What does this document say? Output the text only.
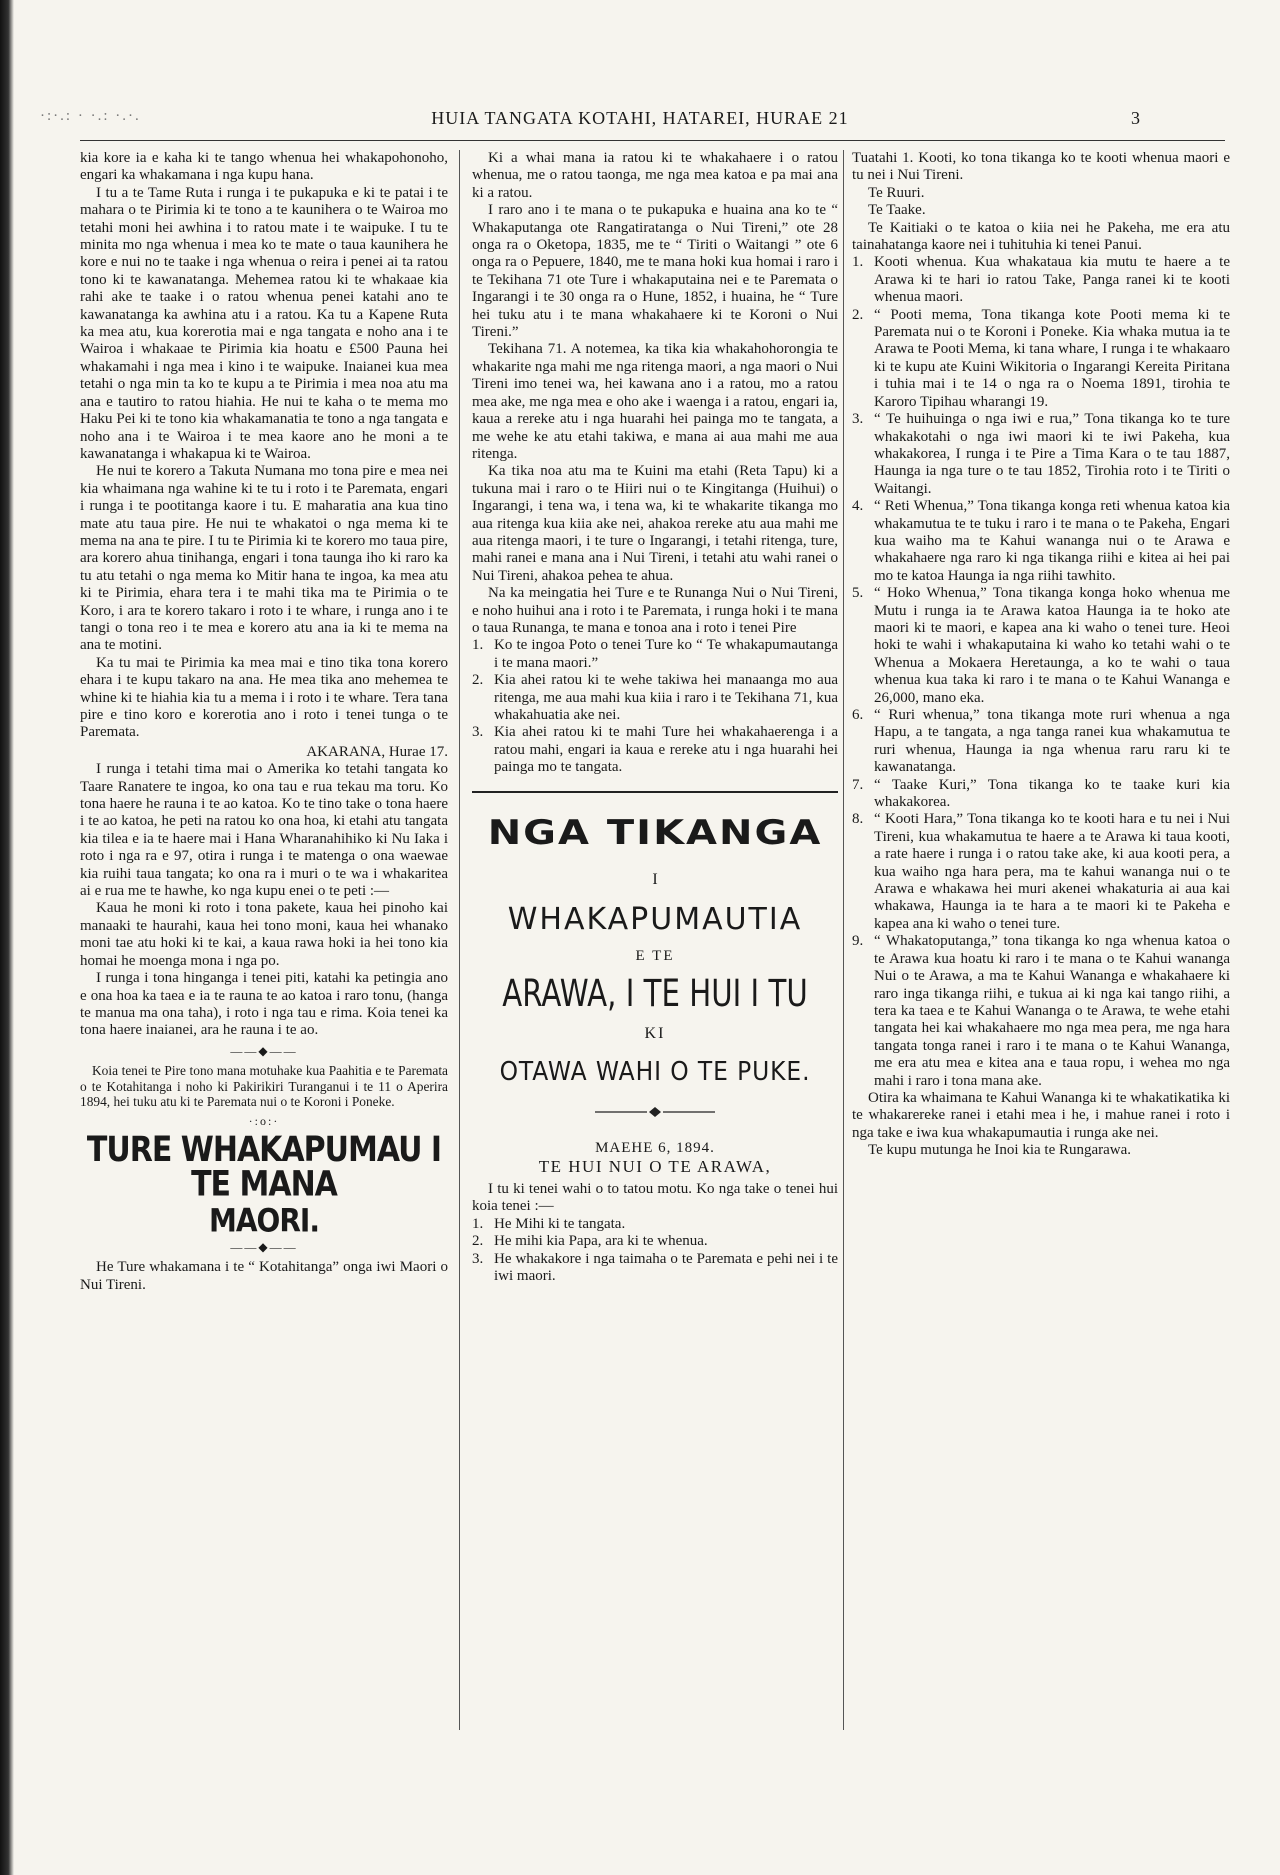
·:·.: · ·.: ·.·.	HUIA TANGATA KOTAHI, HATAREI, HURAE 21	3

kia kore ia e kaha ki te tango whenua hei whakapohonoho, engari ka whakamana i nga kupu hana.

I tu a te Tame Ruta i runga i te pukapuka e ki te patai i te mahara o te Pirimia ki te tono a te kaunihera o te Wairoa mo tetahi moni hei awhina i to ratou mate i te waipuke. I tu te minita mo nga whenua i mea ko te mate o taua kaunihera he kore e nui no te taake i nga whenua o reira i penei ai ta ratou tono ki te kawanatanga. Mehemea ratou ki te whakaae kia rahi ake te taake i o ratou whenua penei katahi ano te kawanatanga ka awhina atu i a ratou. Ka tu a Kapene Ruta ka mea atu, kua korerotia mai e nga tangata e noho ana i te Wairoa i whakaae te Pirimia kia hoatu e £500 Pauna hei whakamahi i nga mea i kino i te waipuke. Inaianei kua mea tetahi o nga min ta ko te kupu a te Pirimia i mea noa atu ma ana e tautiro to ratou hiahia. He nui te kaha o te mema mo Haku Pei ki te tono kia whakamanatia te tono a nga tangata e noho ana i te Wairoa i te mea kaore ano he moni a te kawanatanga i whakapua ki te Wairoa.

He nui te korero a Takuta Numana mo tona pire e mea nei kia whaimana nga wahine ki te tu i roto i te Paremata, engari i runga i te pootitanga kaore i tu. E maharatia ana kua tino mate atu taua pire. He nui te whakatoi o nga mema ki te mema na ana te pire. I tu te Pirimia ki te korero mo taua pire, ara korero ahua tinihanga, engari i tona taunga iho ki raro ka tu atu tetahi o nga mema ko Mitir hana te ingoa, ka mea atu ki te Pirimia, ehara tera i te mahi tika ma te Pirimia o te Koro, i ara te korero takaro i roto i te whare, i runga ano i te tangi o tona reo i te mea e korero atu ana ia ki te mema na ana te motini.

Ka tu mai te Pirimia ka mea mai e tino tika tona korero ehara i te kupu takaro na ana. He mea tika ano mehemea te whine ki te hiahia kia tu a mema i i roto i te whare. Tera tana pire e tino koro e korerotia ano i roto i tenei tunga o te Paremata.

AKARANA, Hurae 17.

I runga i tetahi tima mai o Amerika ko tetahi tangata ko Taare Ranatere te ingoa, ko ona tau e rua tekau ma toru. Ko tona haere he rauna i te ao katoa. Ko te tino take o tona haere i te ao katoa, he peti na ratou ko ona hoa, ki etahi atu tangata kia tilea e ia te haere mai i Hana Wharanahihiko ki Nu Iaka i roto i nga ra e 97, otira i runga i te matenga o ona waewae kia ruihi taua tangata; ko ona ra i muri o te wa i whakaritea ai e rua me te hawhe, ko nga kupu enei o te peti :—

Kaua he moni ki roto i tona pakete, kaua hei pinoho kai manaaki te haurahi, kaua hei tono moni, kaua hei whanako moni tae atu hoki ki te kai, a kaua rawa hoki ia hei tono kia homai he moenga mona i nga po.

I runga i tona hinganga i tenei piti, katahi ka petingia ano e ona hoa ka taea e ia te rauna te ao katoa i raro tonu, (hanga te manua ma ona taha), i roto i nga tau e rima. Koia tenei ka tona haere inaianei, ara he rauna i te ao.

——◆——

Koia tenei te Pire tono mana motuhake kua Paahitia e te Paremata o te Kotahitanga i noho ki Pakirikiri Turanganui i te 11 o Aperira 1894, hei tuku atu ki te Paremata nui o te Koroni i Poneke.

·:o:·
TURE WHAKAPUMAU I TE MANA
MAORI.
——◆——

He Ture whakamana i te “ Kotahitanga” onga iwi Maori o Nui Tireni.

Ki a whai mana ia ratou ki te whakahaere i o ratou whenua, me o ratou taonga, me nga mea katoa e pa mai ana ki a ratou.

I raro ano i te mana o te pukapuka e huaina ana ko te “ Whakaputanga ote Rangatiratanga o Nui Tireni,” ote 28 onga ra o Oketopa, 1835, me te “ Tiriti o Waitangi ” ote 6 onga ra o Pepuere, 1840, me te mana hoki kua homai i raro i te Tekihana 71 ote Ture i whakaputaina nei e te Paremata o Ingarangi i te 30 onga ra o Hune, 1852, i huaina, he “ Ture hei tuku atu i te mana whakahaere ki te Koroni o Nui Tireni.”

Tekihana 71. A notemea, ka tika kia whakahohorongia te whakarite nga mahi me nga ritenga maori, a nga maori o Nui Tireni imo tenei wa, hei kawana ano i a ratou, mo a ratou mea ake, me nga mea e oho ake i waenga i a ratou, engari ia, kaua a rereke atu i nga huarahi hei painga mo te tangata, a me wehe ke atu etahi takiwa, e mana ai aua mahi me aua ritenga.

Ka tika noa atu ma te Kuini ma etahi (Reta Tapu) ki a tukuna mai i raro o te Hiiri nui o te Kingitanga (Huihui) o Ingarangi, i tena wa, i tena wa, ki te whakarite tikanga mo aua ritenga kua kiia ake nei, ahakoa rereke atu aua mahi me aua ritenga maori, i te ture o Ingarangi, i tetahi ritenga, ture, mahi ranei e mana ana i Nui Tireni, i tetahi atu wahi ranei o Nui Tireni, ahakoa pehea te ahua.

Na ka meingatia hei Ture e te Runanga Nui o Nui Tireni, e noho huihui ana i roto i te Paremata, i runga hoki i te mana o taua Runanga, te mana e tonoa ana i roto i tenei Pire

1. Ko te ingoa Poto o tenei Ture ko “ Te whakapumautanga i te mana maori.”
2. Kia ahei ratou ki te wehe takiwa hei manaanga mo aua ritenga, me aua mahi kua kiia i raro i te Tekihana 71, kua whakahuatia ake nei.
3. Kia ahei ratou ki te mahi Ture hei whakahaerenga i a ratou mahi, engari ia kaua e rereke atu i nga huarahi hei painga mo te tangata.
NGA TIKANGA
I
WHAKAPUMAUTIA
E TE
ARAWA, I TE HUI I TU
KI
OTAWA WAHI O TE PUKE.
MAEHE 6, 1894.
TE HUI NUI O TE ARAWA,

I tu ki tenei wahi o to tatou motu. Ko nga take o tenei hui koia tenei :—

1. He Mihi ki te tangata.
2. He mihi kia Papa, ara ki te whenua.
3. He whakakore i nga taimaha o te Paremata e pehi nei i te iwi maori.

Tuatahi 1. Kooti, ko tona tikanga ko te kooti whenua maori e tu nei i Nui Tireni.

Te Ruuri.

Te Taake.

Te Kaitiaki o te katoa o kiia nei he Pakeha, me era atu tainahatanga kaore nei i tuhituhia ki tenei Panui.

1. Kooti whenua. Kua whakataua kia mutu te haere a te Arawa ki te hari io ratou Take, Panga ranei ki te kooti whenua maori.
2. “ Pooti mema, Tona tikanga kote Pooti mema ki te Paremata nui o te Koroni i Poneke. Kia whaka mutua ia te Arawa te Pooti Mema, ki tana whare, I runga i te whakaaro ki te kupu ate Kuini Wikitoria o Ingarangi Kereita Piritana i tuhia mai i te 14 o nga ra o Noema 1891, tirohia te Karoro Tipihau wharangi 19.
3. “ Te huihuinga o nga iwi e rua,” Tona tikanga ko te ture whakakotahi o nga iwi maori ki te iwi Pakeha, kua whakakorea, I runga i te Pire a Tima Kara o te tau 1887, Haunga ia nga ture o te tau 1852, Tirohia roto i te Tiriti o Waitangi.
4. “ Reti Whenua,” Tona tikanga konga reti whenua katoa kia whakamutua te te tuku i raro i te mana o te Pakeha, Engari kua waiho ma te Kahui wananga nui o te Arawa e whakahaere nga raro ki nga tikanga riihi e kitea ai hei pai mo te katoa Haunga ia nga riihi tawhito.
5. “ Hoko Whenua,” Tona tikanga konga hoko whenua me Mutu i runga ia te Arawa katoa Haunga ia te hoko ate maori ki te maori, e kapea ana ki waho o tenei ture. Heoi hoki te wahi i whakaputaina ki waho ko tetahi wahi o te Whenua a Mokaera Heretaunga, a ko te wahi o taua whenua kua taka ki raro i te mana o te Kahui Wananga e 26,000, mano eka.
6. “ Ruri whenua,” tona tikanga mote ruri whenua a nga Hapu, a te tangata, a nga tanga ranei kua whakamutua te ruri whenua, Haunga ia nga whenua raru raru ki te kawanatanga.
7. “ Taake Kuri,” Tona tikanga ko te taake kuri kia whakakorea.
8. “ Kooti Hara,” Tona tikanga ko te kooti hara e tu nei i Nui Tireni, kua whakamutua te haere a te Arawa ki taua kooti, a rate haere i runga i o ratou take ake, ki aua kooti pera, a kua waiho nga hara pera, ma te kahui wananga nui o te Arawa e whakawa hei muri akenei whakaturia ai aua kai whakawa, Haunga ia te hara a te maori ki te Pakeha e kapea ana ki waho o tenei ture.
9. “ Whakatoputanga,” tona tikanga ko nga whenua katoa o te Arawa kua hoatu ki raro i te mana o te Kahui wananga Nui o te Arawa, a ma te Kahui Wananga e whakahaere ki raro inga tikanga riihi, e tukua ai ki nga kai tango riihi, a tera ka taea e te Kahui Wananga o te Arawa, te wehe etahi tangata hei kai whakahaere mo nga mea pera, me nga hara tangata tonga ranei i raro i te mana o te Kahui Wananga, me era atu mea e kitea ana e taua ropu, i wehea mo nga mahi i raro i tona mana ake.

Otira ka whaimana te Kahui Wananga ki te whakatikatika ki te whakarereke ranei i etahi mea i he, i mahue ranei i roto i nga take e iwa kua whakapumautia i runga ake nei.

Te kupu mutunga he Inoi kia te Rungarawa.
